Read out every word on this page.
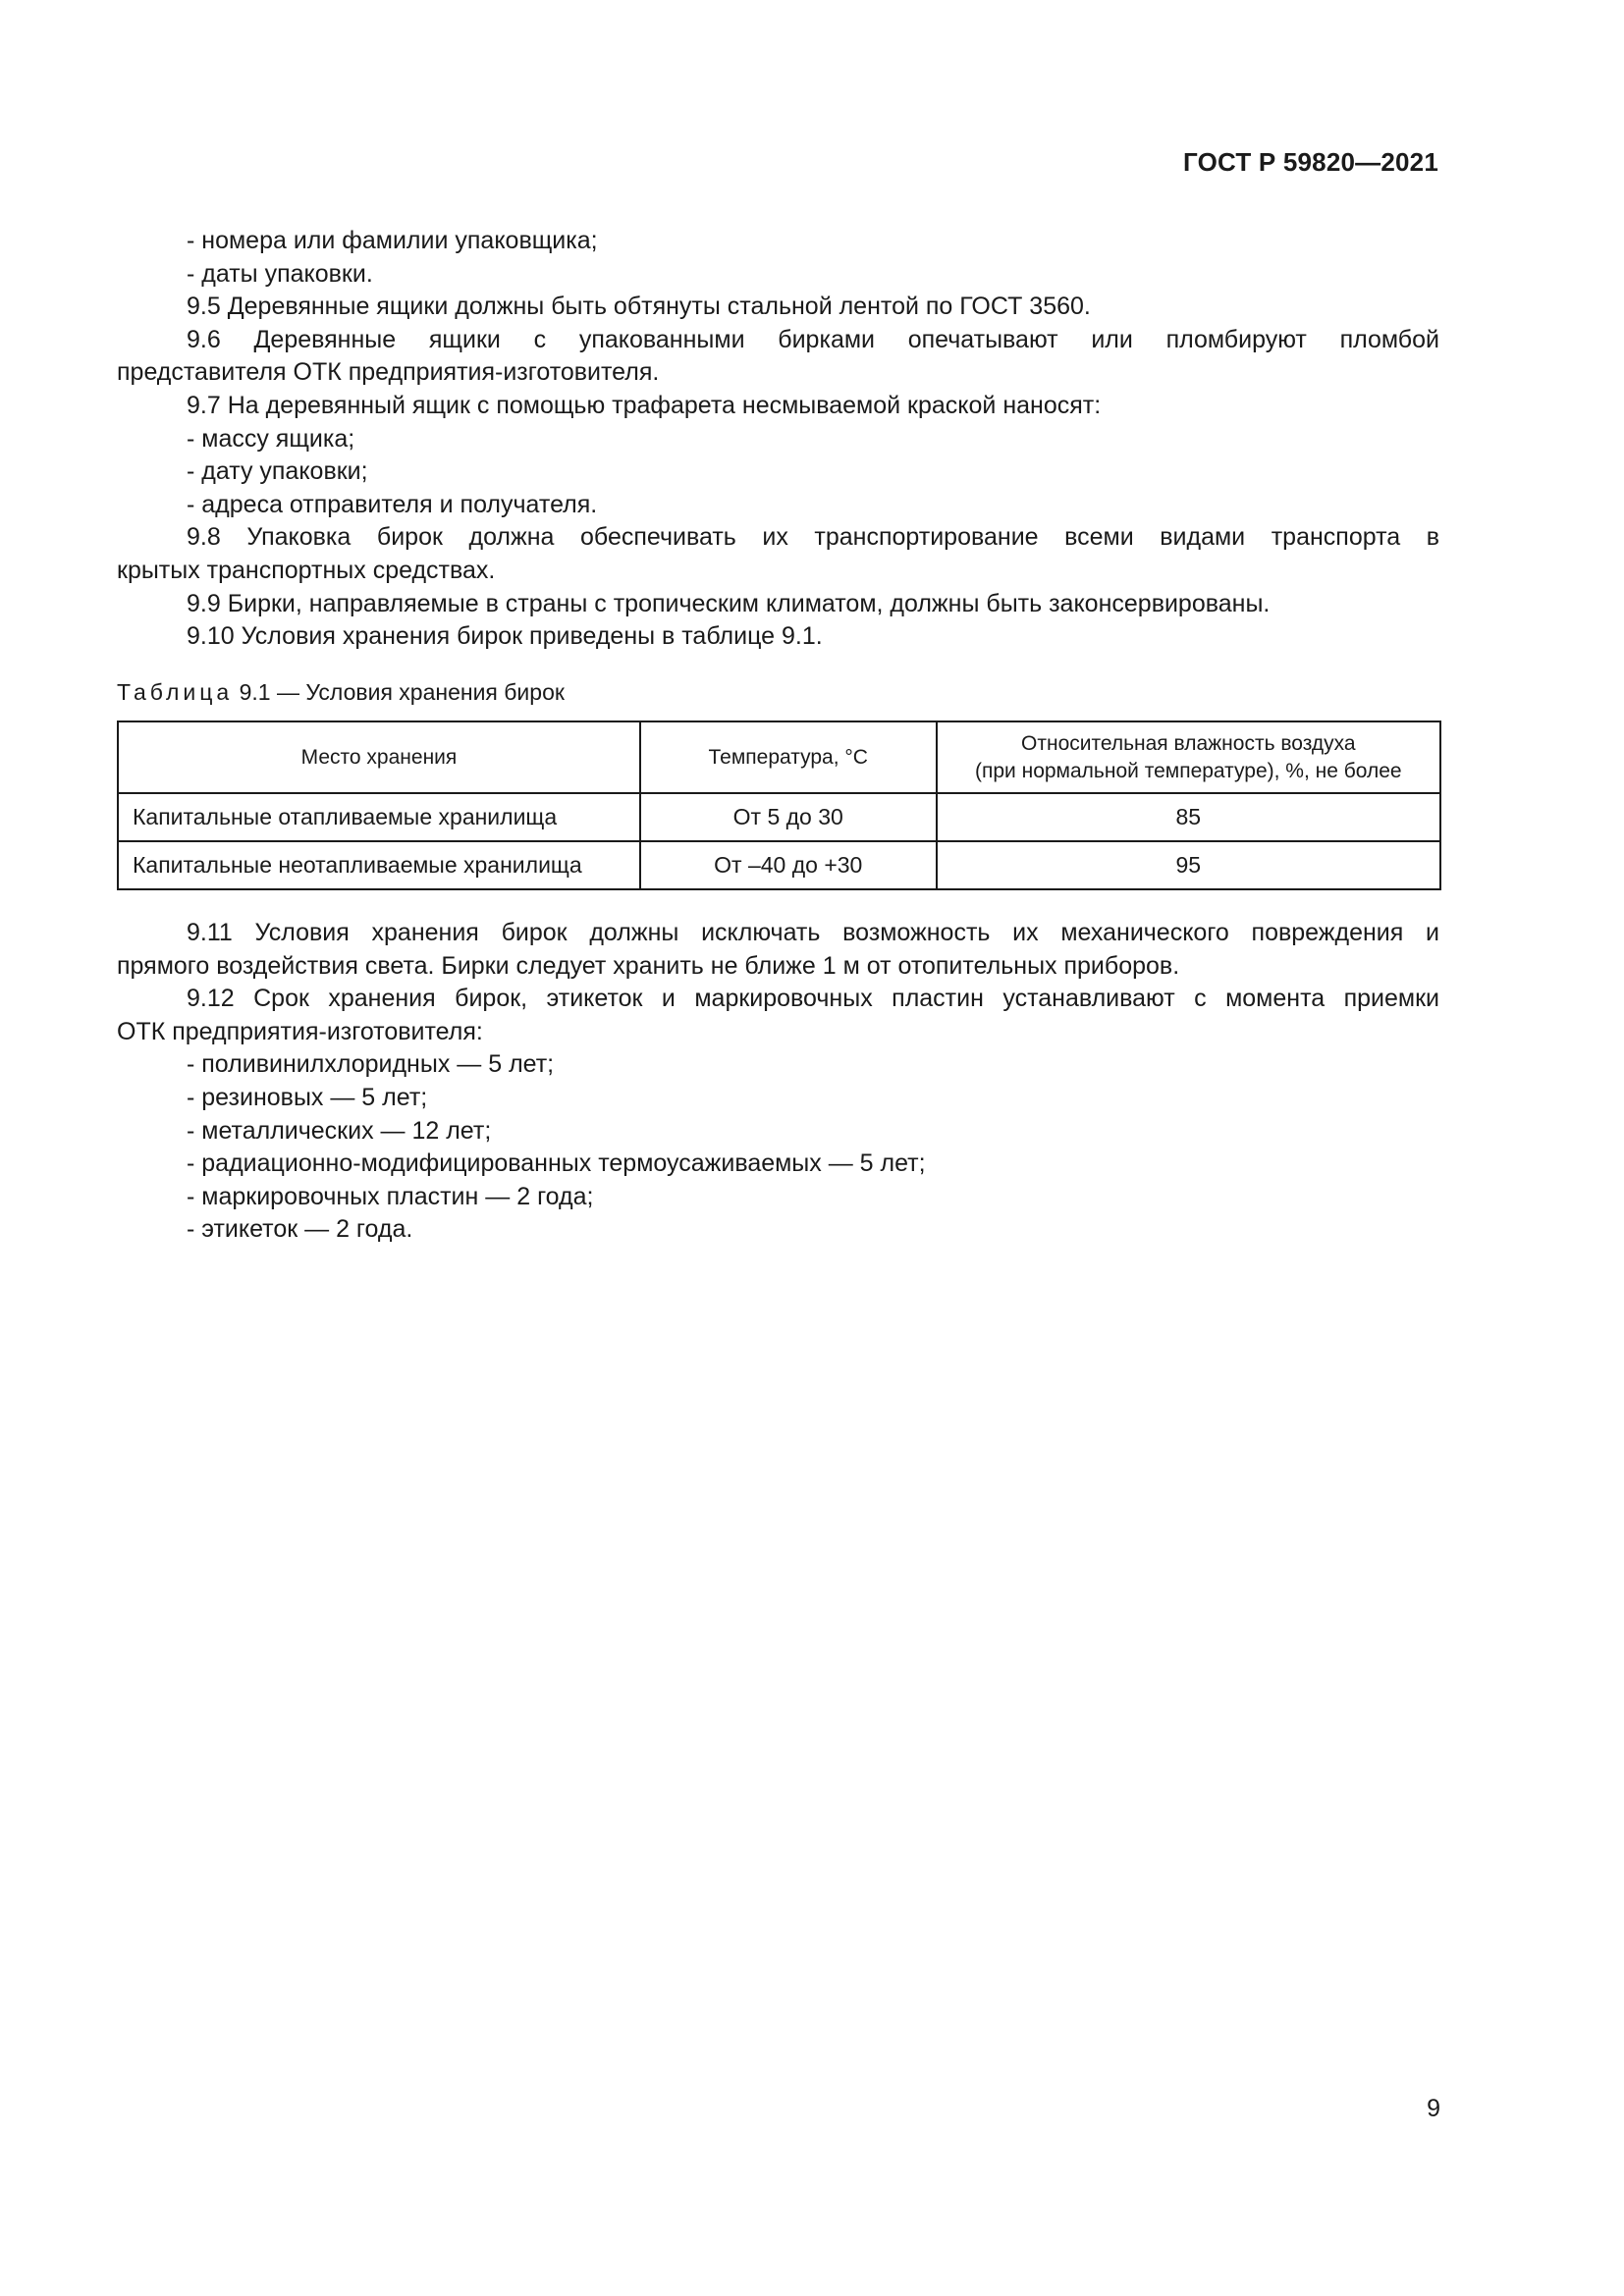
ГОСТ Р 59820—2021
- номера или фамилии упаковщика;
- даты упаковки.
9.5 Деревянные ящики должны быть обтянуты стальной лентой по ГОСТ 3560.
9.6 Деревянные ящики с упакованными бирками опечатывают или пломбируют пломбой
представителя ОТК предприятия-изготовителя.
9.7 На деревянный ящик с помощью трафарета несмываемой краской наносят:
- массу ящика;
- дату упаковки;
- адреса отправителя и получателя.
9.8 Упаковка бирок должна обеспечивать их транспортирование всеми видами транспорта в
крытых транспортных средствах.
9.9 Бирки, направляемые в страны с тропическим климатом, должны быть законсервированы.
9.10 Условия хранения бирок приведены в таблице 9.1.
Таблица 9.1 — Условия хранения бирок
Место хранения	Температура, °С	Относительная влажность воздуха
(при нормальной температуре), %, не более

Капитальные отапливаемые хранилища	От 5 до 30	85
Капитальные неотапливаемые хранилища	От –40 до +30	95
9.11 Условия хранения бирок должны исключать возможность их механического повреждения и
прямого воздействия света. Бирки следует хранить не ближе 1 м от отопительных приборов.
9.12 Срок хранения бирок, этикеток и маркировочных пластин устанавливают с момента приемки
ОТК предприятия-изготовителя:
- поливинилхлоридных — 5 лет;
- резиновых — 5 лет;
- металлических — 12 лет;
- радиационно-модифицированных термоусаживаемых — 5 лет;
- маркировочных пластин — 2 года;
- этикеток — 2 года.
9
